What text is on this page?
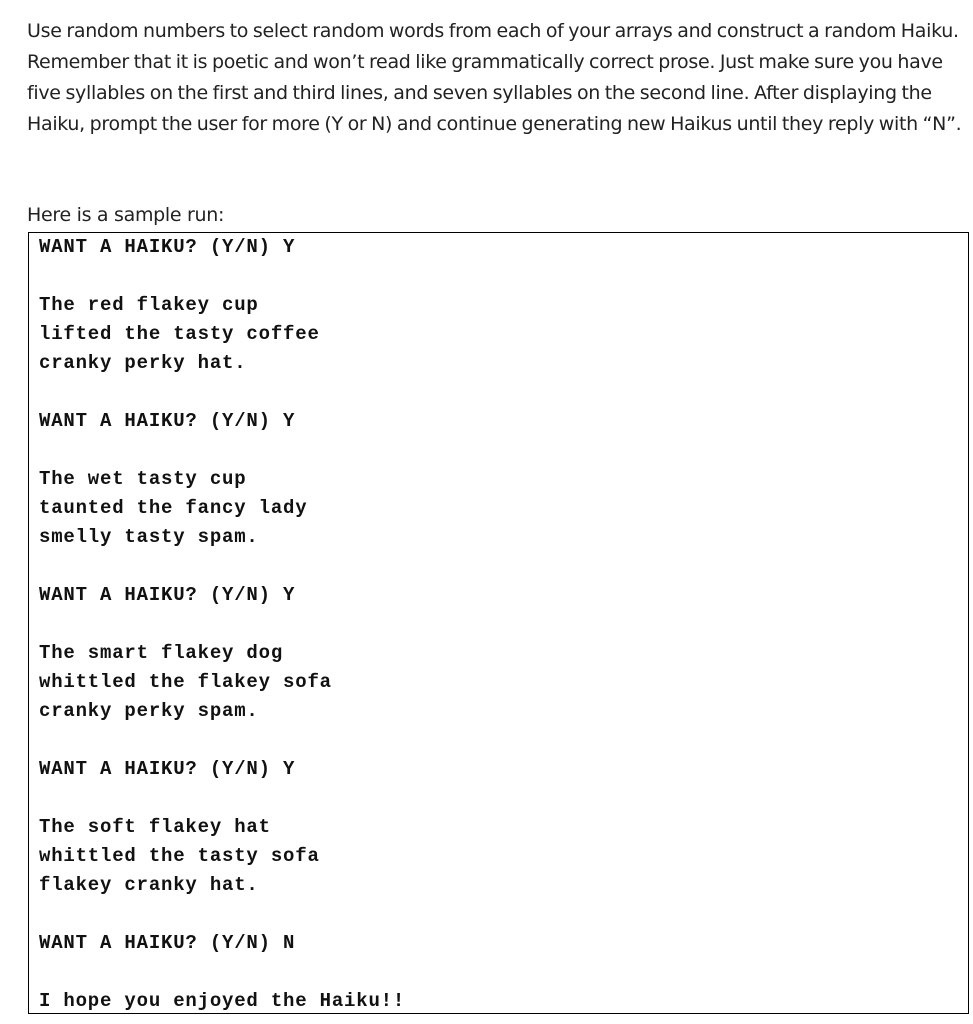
Use random numbers to select random words from each of your arrays and construct a random Haiku. Remember that it is poetic and won’t read like grammatically correct prose. Just make sure you have five syllables on the first and third lines, and seven syllables on the second line. After displaying the Haiku, prompt the user for more (Y or N) and continue generating new Haikus until they reply with “N”.

Here is a sample run:

WANT A HAIKU? (Y/N) Y
The red flakey cup
lifted the tasty coffee
cranky perky hat.
WANT A HAIKU? (Y/N) Y
The wet tasty cup
taunted the fancy lady
smelly tasty spam.
WANT A HAIKU? (Y/N) Y
The smart flakey dog
whittled the flakey sofa
cranky perky spam.
WANT A HAIKU? (Y/N) Y
The soft flakey hat
whittled the tasty sofa
flakey cranky hat.
WANT A HAIKU? (Y/N) N
I hope you enjoyed the Haiku!!
